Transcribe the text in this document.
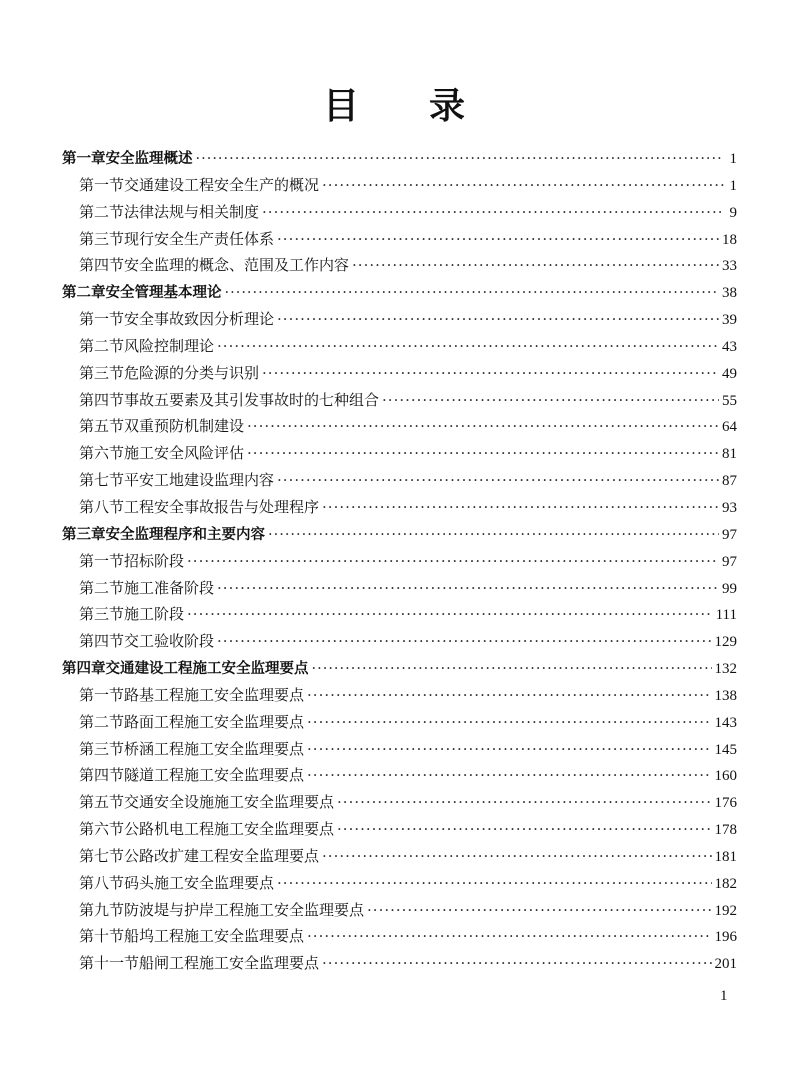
目 录
第一章 安全监理概述 ·····	1
第一节 交通建设工程安全生产的概况 ·····	1
第二节 法律法规与相关制度 ·····	9
第三节 现行安全生产责任体系 ·····	18
第四节 安全监理的概念、范围及工作内容 ·····	33
第二章 安全管理基本理论 ·····	38
第一节 安全事故致因分析理论 ·····	39
第二节 风险控制理论 ·····	43
第三节 危险源的分类与识别 ·····	49
第四节 事故五要素及其引发事故时的七种组合 ·····	55
第五节 双重预防机制建设 ·····	64
第六节 施工安全风险评估 ·····	81
第七节 平安工地建设监理内容 ·····	87
第八节 工程安全事故报告与处理程序 ·····	93
第三章 安全监理程序和主要内容 ·····	97
第一节 招标阶段 ·····	97
第二节 施工准备阶段 ·····	99
第三节 施工阶段 ·····	111
第四节 交工验收阶段 ·····	129
第四章 交通建设工程施工安全监理要点 ·····	132
第一节 路基工程施工安全监理要点 ·····	138
第二节 路面工程施工安全监理要点 ·····	143
第三节 桥涵工程施工安全监理要点 ·····	145
第四节 隧道工程施工安全监理要点 ·····	160
第五节 交通安全设施施工安全监理要点 ·····	176
第六节 公路机电工程施工安全监理要点 ·····	178
第七节 公路改扩建工程安全监理要点 ·····	181
第八节 码头施工安全监理要点 ·····	182
第九节 防波堤与护岸工程施工安全监理要点 ·····	192
第十节 船坞工程施工安全监理要点 ·····	196
第十一节 船闸工程施工安全监理要点 ·····	201
1
